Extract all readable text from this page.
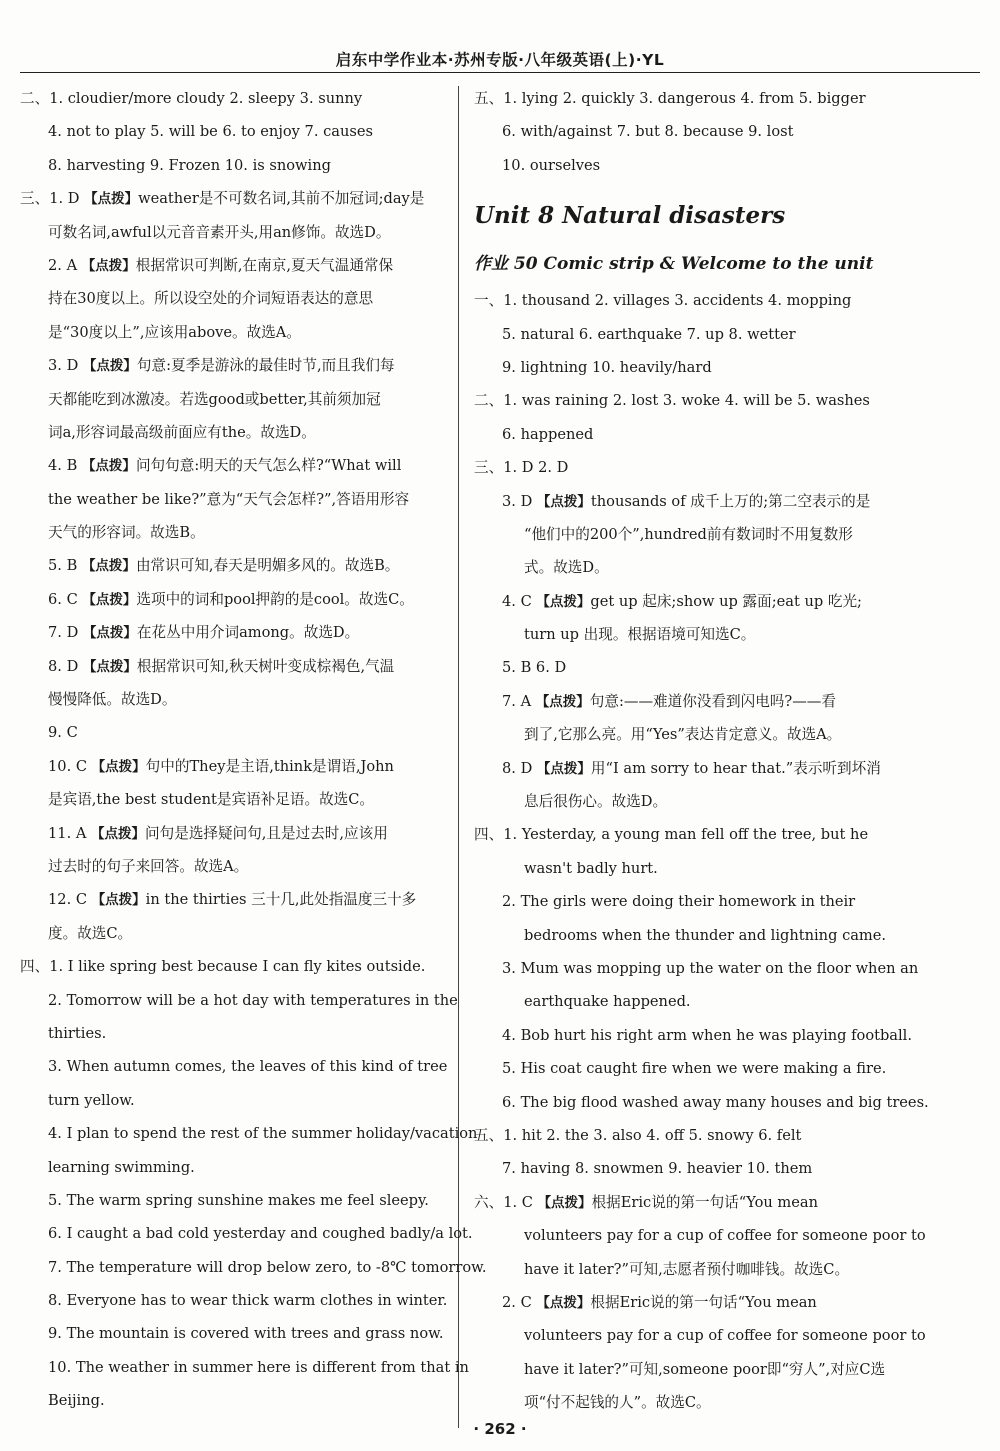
启东中学作业本·苏州专版·八年级英语(上)·YL
二、1. cloudier/more cloudy 2. sleepy 3. sunny
4. not to play 5. will be 6. to enjoy 7. causes
8. harvesting 9. Frozen 10. is snowing
三、1. D 【点拨】weather是不可数名词,其前不加冠词;day是
可数名词,awful以元音音素开头,用an修饰。故选D。
2. A 【点拨】根据常识可判断,在南京,夏天气温通常保
持在30度以上。所以设空处的介词短语表达的意思
是“30度以上”,应该用above。故选A。
3. D 【点拨】句意:夏季是游泳的最佳时节,而且我们每
天都能吃到冰激凌。若选good或better,其前须加冠
词a,形容词最高级前面应有the。故选D。
4. B 【点拨】问句句意:明天的天气怎么样?“What will
the weather be like?”意为“天气会怎样?”,答语用形容
天气的形容词。故选B。
5. B 【点拨】由常识可知,春天是明媚多风的。故选B。
6. C 【点拨】选项中的词和pool押韵的是cool。故选C。
7. D 【点拨】在花丛中用介词among。故选D。
8. D 【点拨】根据常识可知,秋天树叶变成棕褐色,气温
慢慢降低。故选D。
9. C
10. C 【点拨】句中的They是主语,think是谓语,John
是宾语,the best student是宾语补足语。故选C。
11. A 【点拨】问句是选择疑问句,且是过去时,应该用
过去时的句子来回答。故选A。
12. C 【点拨】in the thirties 三十几,此处指温度三十多
度。故选C。
四、1. I like spring best because I can fly kites outside.
2. Tomorrow will be a hot day with temperatures in the
thirties.
3. When autumn comes, the leaves of this kind of tree
turn yellow.
4. I plan to spend the rest of the summer holiday/vacation
learning swimming.
5. The warm spring sunshine makes me feel sleepy.
6. I caught a bad cold yesterday and coughed badly/a lot.
7. The temperature will drop below zero, to -8℃ tomorrow.
8. Everyone has to wear thick warm clothes in winter.
9. The mountain is covered with trees and grass now.
10. The weather in summer here is different from that in
Beijing.
五、1. lying 2. quickly 3. dangerous 4. from 5. bigger
6. with/against 7. but 8. because 9. lost
10. ourselves
Unit 8 Natural disasters
作业 50 Comic strip & Welcome to the unit
一、1. thousand 2. villages 3. accidents 4. mopping
5. natural 6. earthquake 7. up 8. wetter
9. lightning 10. heavily/hard
二、1. was raining 2. lost 3. woke 4. will be 5. washes
6. happened
三、1. D 2. D
3. D 【点拨】thousands of 成千上万的;第二空表示的是
“他们中的200个”,hundred前有数词时不用复数形
式。故选D。
4. C 【点拨】get up 起床;show up 露面;eat up 吃光;
turn up 出现。根据语境可知选C。
5. B 6. D
7. A 【点拨】句意:——难道你没看到闪电吗?——看
到了,它那么亮。用“Yes”表达肯定意义。故选A。
8. D 【点拨】用“I am sorry to hear that.”表示听到坏消
息后很伤心。故选D。
四、1. Yesterday, a young man fell off the tree, but he
wasn't badly hurt.
2. The girls were doing their homework in their
bedrooms when the thunder and lightning came.
3. Mum was mopping up the water on the floor when an
earthquake happened.
4. Bob hurt his right arm when he was playing football.
5. His coat caught fire when we were making a fire.
6. The big flood washed away many houses and big trees.
五、1. hit 2. the 3. also 4. off 5. snowy 6. felt
7. having 8. snowmen 9. heavier 10. them
六、1. C 【点拨】根据Eric说的第一句话“You mean
volunteers pay for a cup of coffee for someone poor to
have it later?”可知,志愿者预付咖啡钱。故选C。
2. C 【点拨】根据Eric说的第一句话“You mean
volunteers pay for a cup of coffee for someone poor to
have it later?”可知,someone poor即“穷人”,对应C选
项“付不起钱的人”。故选C。
· 262 ·
